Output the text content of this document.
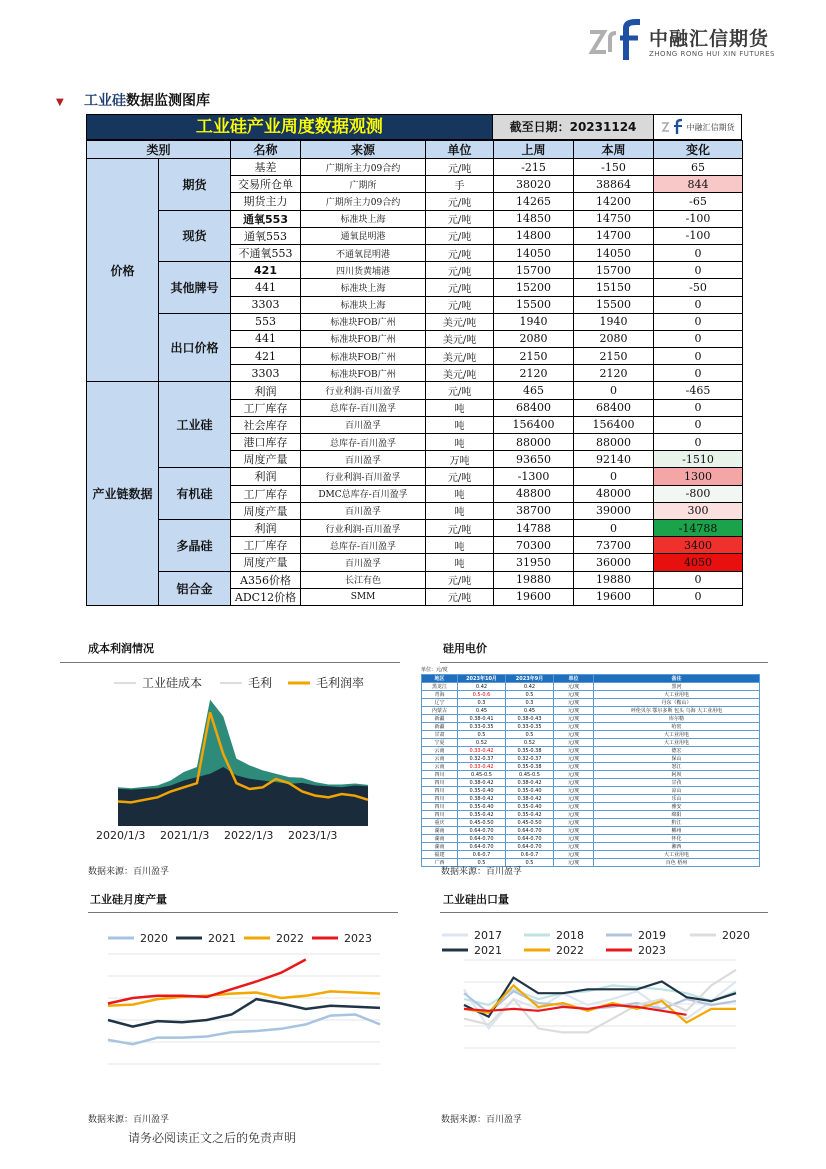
中融汇信期货
ZHONG RONG HUI XIN FUTURES
▼ 工业硅数据监测图库
工业硅产业周度数据观测	截至日期：20231124	中融汇信期货
类别		名称	来源	单位	上周	本周	变化
价格	期货	基差	广期所主力09合约	元/吨	-215	-150	65
		交易所仓单	广期所	手	38020	38864	844
		期货主力	广期所主力09合约	元/吨	14265	14200	-65
	现货	通氧553	标准块上海	元/吨	14850	14750	-100
		通氧553	通氧昆明港	元/吨	14800	14700	-100
		不通氧553	不通氧昆明港	元/吨	14050	14050	0
	其他牌号	421	四川货黄埔港	元/吨	15700	15700	0
		441	标准块上海	元/吨	15200	15150	-50
		3303	标准块上海	元/吨	15500	15500	0
	出口价格	553	标准块FOB广州	美元/吨	1940	1940	0
		441	标准块FOB广州	美元/吨	2080	2080	0
		421	标准块FOB广州	美元/吨	2150	2150	0
		3303	标准块FOB广州	美元/吨	2120	2120	0
产业链数据	工业硅	利润	行业利润-百川盈孚	元/吨	465	0	-465
		工厂库存	总库存-百川盈孚	吨	68400	68400	0
		社会库存	百川盈孚	吨	156400	156400	0
		港口库存	总库存-百川盈孚	吨	88000	88000	0
		周度产量	百川盈孚	万吨	93650	92140	-1510
	有机硅	利润	行业利润-百川盈孚	元/吨	-1300	0	1300
		工厂库存	DMC总库存-百川盈孚	吨	48800	48000	-800
		周度产量	百川盈孚	吨	38700	39000	300
	多晶硅	利润	行业利润-百川盈孚	元/吨	14788	0	-14788
		工厂库存	总库存-百川盈孚	吨	70300	73700	3400
		周度产量	百川盈孚	吨	31950	36000	4050
	铝合金	A356价格	长江有色	元/吨	19880	19880	0
		ADC12价格	SMM	元/吨	19600	19600	0
成本利润情况
工业硅成本	毛利	毛利润率
2020/1/3 2021/1/3 2022/1/3 2023/1/3
数据来源：百川盈孚
硅用电价
单位：元/度
地区	2023年10月	2023年9月	单位	备注
黑龙江	0.42	0.42	元/度	黑河
青海	0.5-0.6	0.5	元/度	大工业用电
辽宁	0.3	0.3	元/度	丹东（鞍山）
内蒙古	0.45	0.45	元/度	呼伦贝尔 鄂尔多斯 包头 乌海 大工业用电
新疆	0.38-0.41	0.38-0.43	元/度	库尔勒
新疆	0.33-0.35	0.33-0.35	元/度	哈密
甘肃	0.5	0.5	元/度	大工业用电
宁夏	0.52	0.52	元/度	大工业用电
云南	0.33-0.42	0.35-0.38	元/度	德宏
云南	0.32-0.37	0.32-0.37	元/度	保山
云南	0.33-0.42	0.35-0.38	元/度	怒江
四川	0.45-0.5	0.45-0.5	元/度	阿坝
四川	0.38-0.42	0.38-0.42	元/度	甘孜
四川	0.35-0.40	0.35-0.40	元/度	凉山
四川	0.38-0.42	0.38-0.42	元/度	乐山
四川	0.35-0.40	0.35-0.40	元/度	雅安
四川	0.35-0.42	0.35-0.42	元/度	绵阳
重庆	0.45-0.50	0.45-0.50	元/度	黔江
湖南	0.64-0.70	0.64-0.70	元/度	郴州
湖南	0.64-0.70	0.64-0.70	元/度	怀化
湖南	0.64-0.70	0.64-0.70	元/度	湘西
福建	0.6-0.7	0.6-0.7	元/度	大工业用电
广西	0.5	0.5	元/度	百色 梧州
数据来源：百川盈孚
工业硅月度产量
2020	2021	2022	2023
数据来源：百川盈孚
工业硅出口量
2017	2018	2019	2020
2021	2022	2023
数据来源：百川盈孚
请务必阅读正文之后的免责声明
